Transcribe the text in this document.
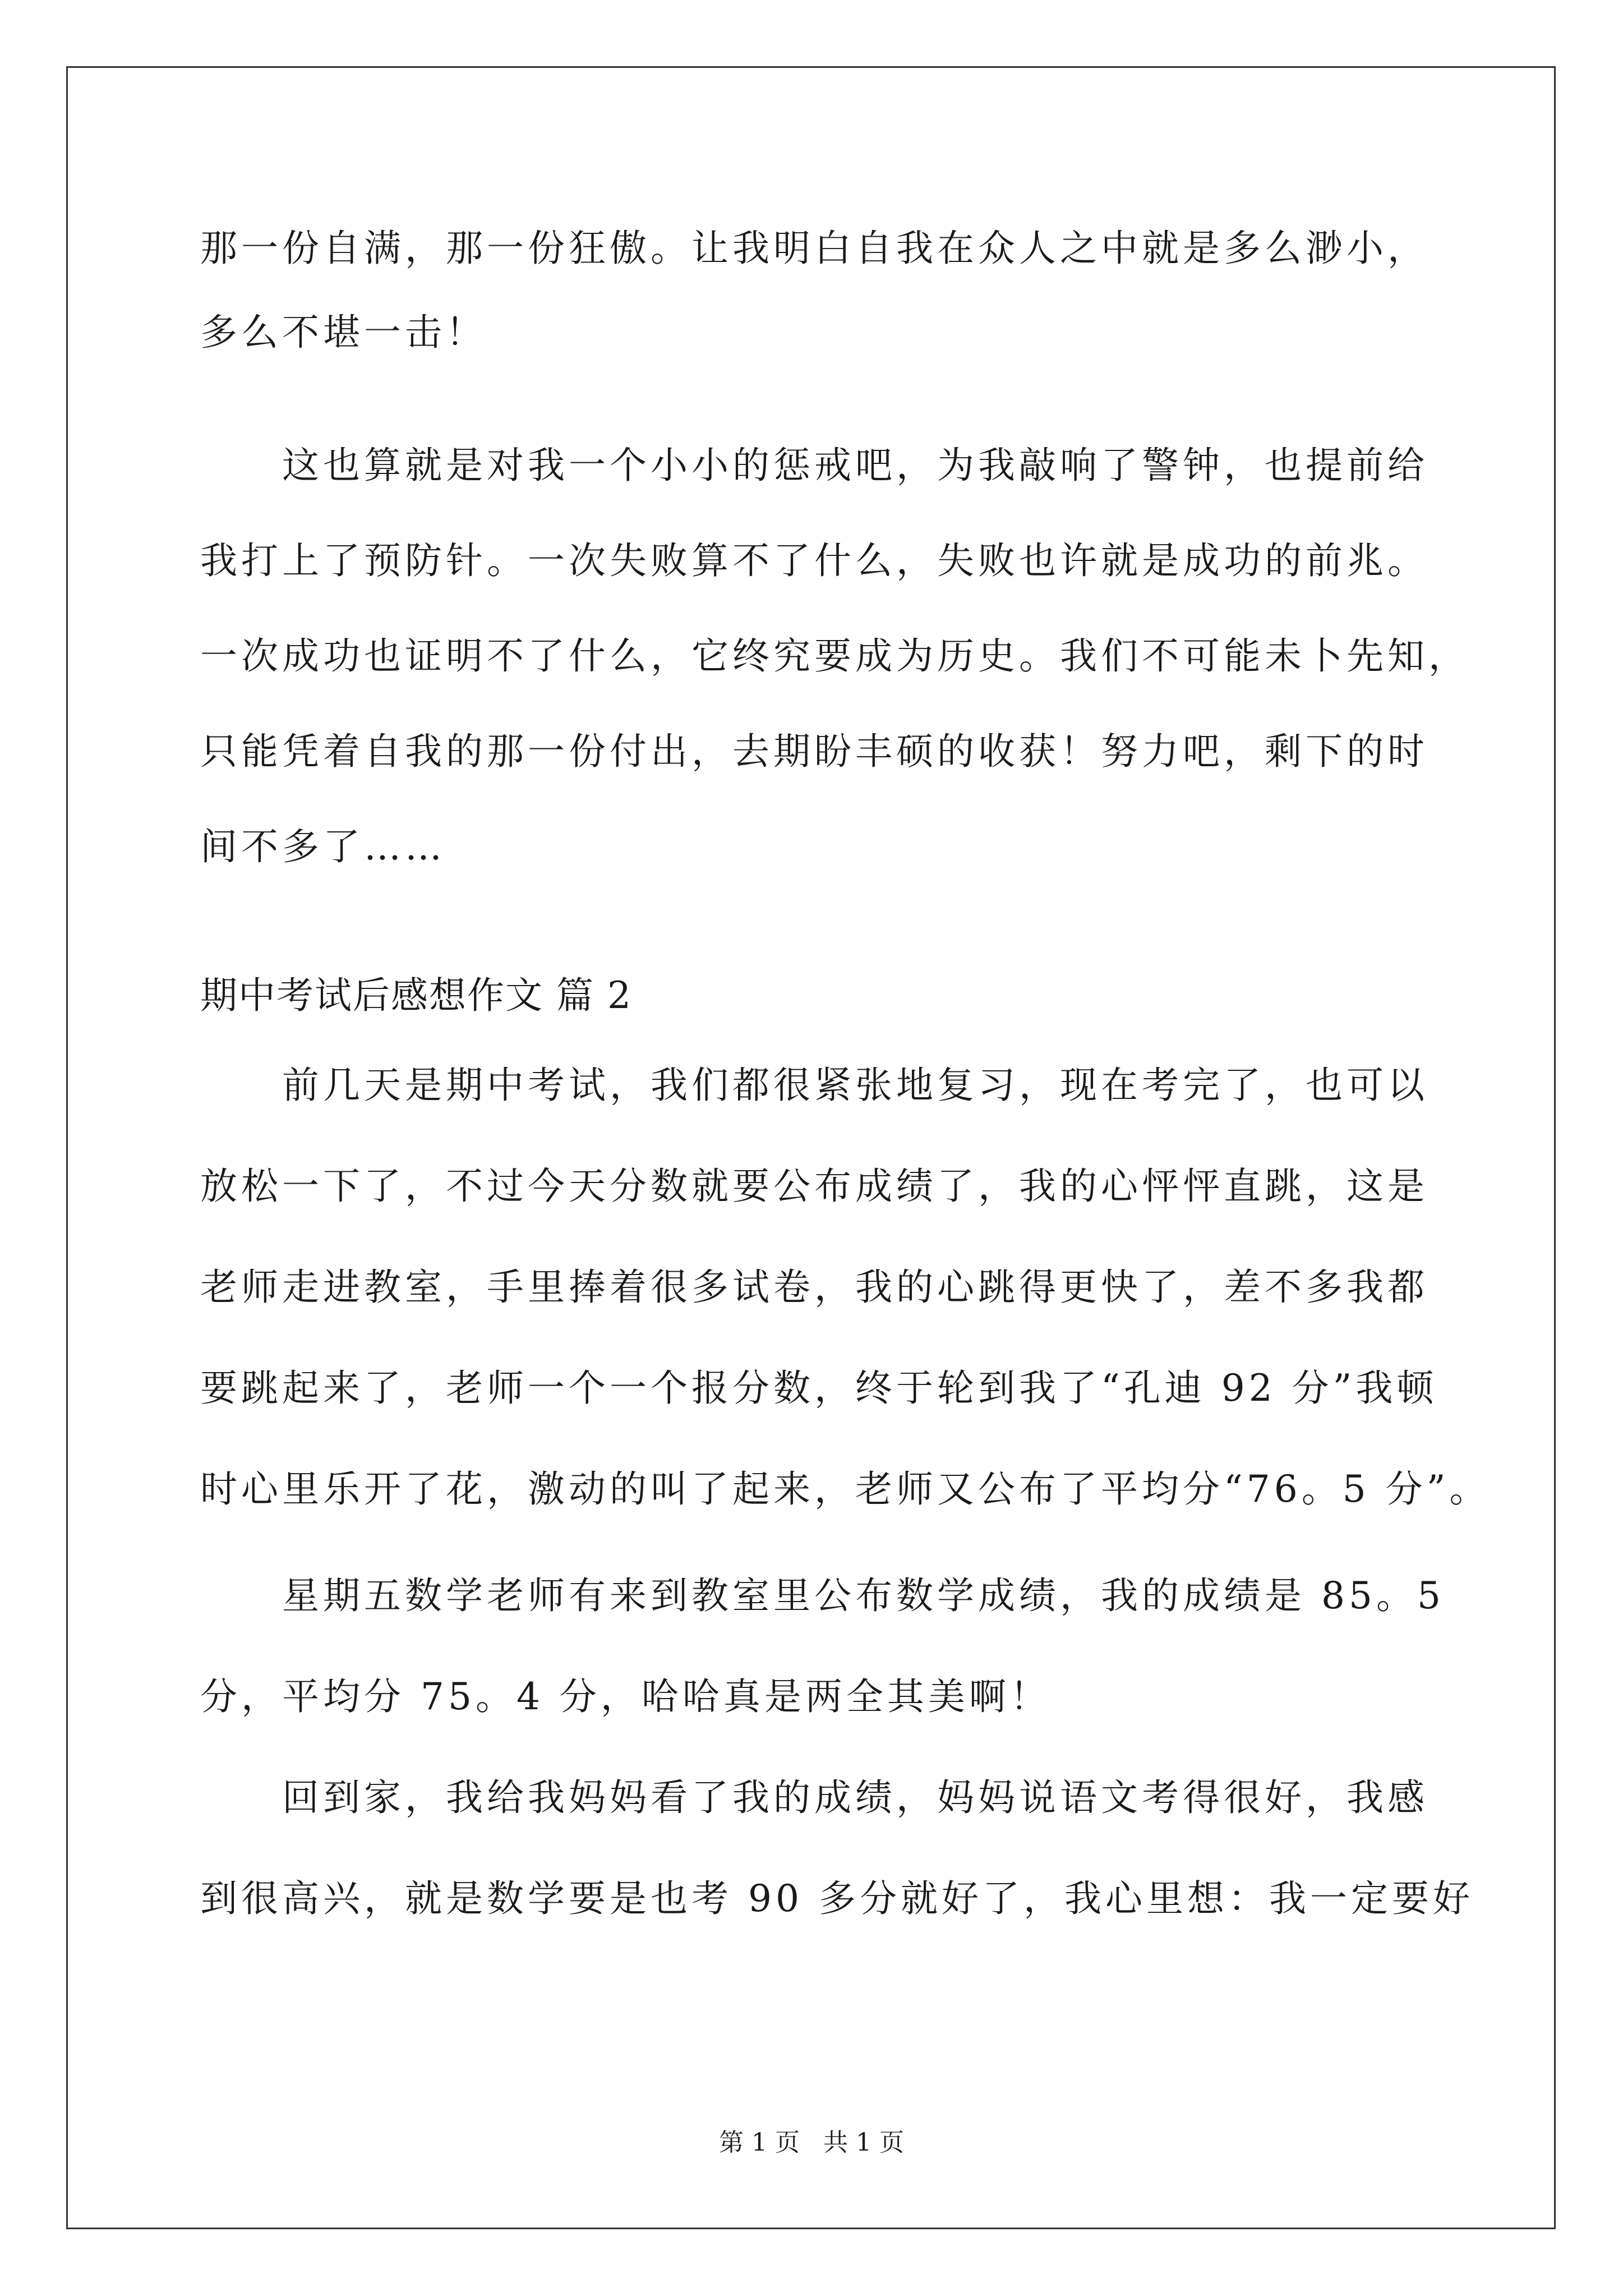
那一份自满，那一份狂傲。让我明白自我在众人之中就是多么渺小，
多么不堪一击！
这也算就是对我一个小小的惩戒吧，为我敲响了警钟，也提前给
我打上了预防针。一次失败算不了什么，失败也许就是成功的前兆。
一次成功也证明不了什么，它终究要成为历史。我们不可能未卜先知，
只能凭着自我的那一份付出，去期盼丰硕的收获！努力吧，剩下的时
间不多了……
期中考试后感想作文 篇 2
前几天是期中考试，我们都很紧张地复习，现在考完了，也可以
放松一下了，不过今天分数就要公布成绩了，我的心怦怦直跳，这是
老师走进教室，手里捧着很多试卷，我的心跳得更快了，差不多我都
要跳起来了，老师一个一个报分数，终于轮到我了“孔迪 92 分”我顿
时心里乐开了花，激动的叫了起来，老师又公布了平均分“76。5 分”。
星期五数学老师有来到教室里公布数学成绩，我的成绩是 85。5
分，平均分 75。4 分，哈哈真是两全其美啊！
回到家，我给我妈妈看了我的成绩，妈妈说语文考得很好，我感
到很高兴，就是数学要是也考 90 多分就好了，我心里想：我一定要好
第 1 页   共 1 页
